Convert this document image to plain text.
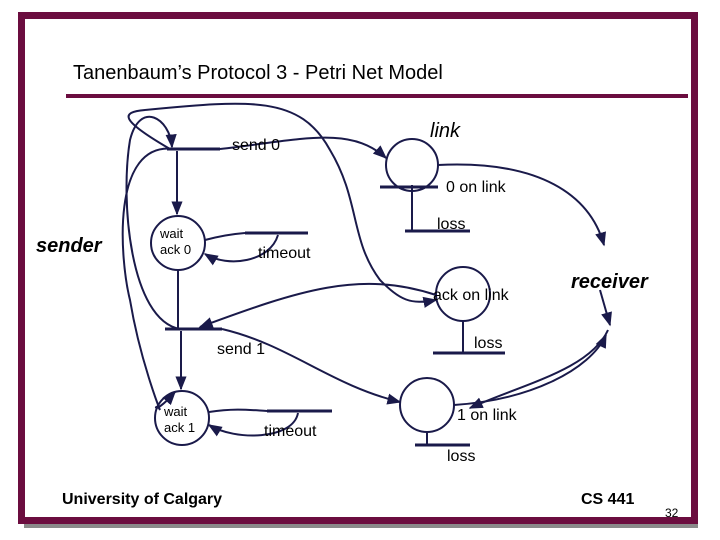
Tanenbaum’s Protocol 3 - Petri Net Model
send 0
link
0 on link
loss
sender
wait
ack 0	timeout
ack on link
receiver
send 1	loss
wait
ack 1	timeout
1 on link
loss
University of Calgary	CS 441
32
